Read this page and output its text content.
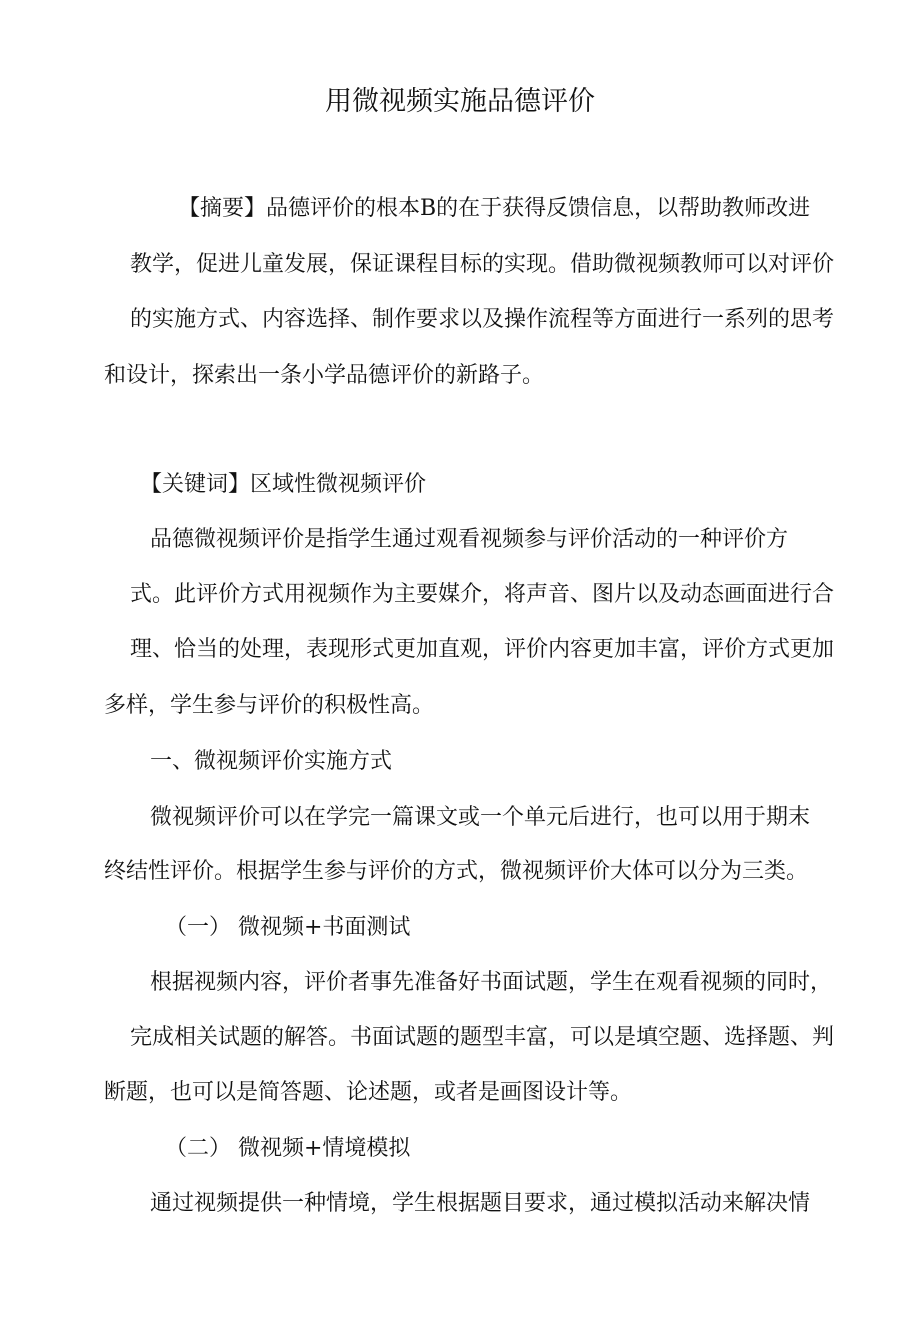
用微视频实施品德评价
【摘要】品德评价的根本B的在于获得反馈信息，以帮助教师改进
教学，促进儿童发展，保证课程目标的实现。借助微视频教师可以对评价
的实施方式、内容选择、制作要求以及操作流程等方面进行一系列的思考
和设计，探索出一条小学品德评价的新路子。
【关键词】区域性微视频评价
品德微视频评价是指学生通过观看视频参与评价活动的一种评价方
式。此评价方式用视频作为主要媒介，将声音、图片以及动态画面进行合
理、恰当的处理，表现形式更加直观，评价内容更加丰富，评价方式更加
多样，学生参与评价的积极性高。
一、微视频评价实施方式
微视频评价可以在学完一篇课文或一个单元后进行，也可以用于期末
终结性评价。根据学生参与评价的方式，微视频评价大体可以分为三类。
（一） 微视频+书面测试
根据视频内容，评价者事先准备好书面试题，学生在观看视频的同时，
完成相关试题的解答。书面试题的题型丰富，可以是填空题、选择题、判
断题，也可以是简答题、论述题，或者是画图设计等。
（二） 微视频+情境模拟
通过视频提供一种情境，学生根据题目要求，通过模拟活动来解决情
